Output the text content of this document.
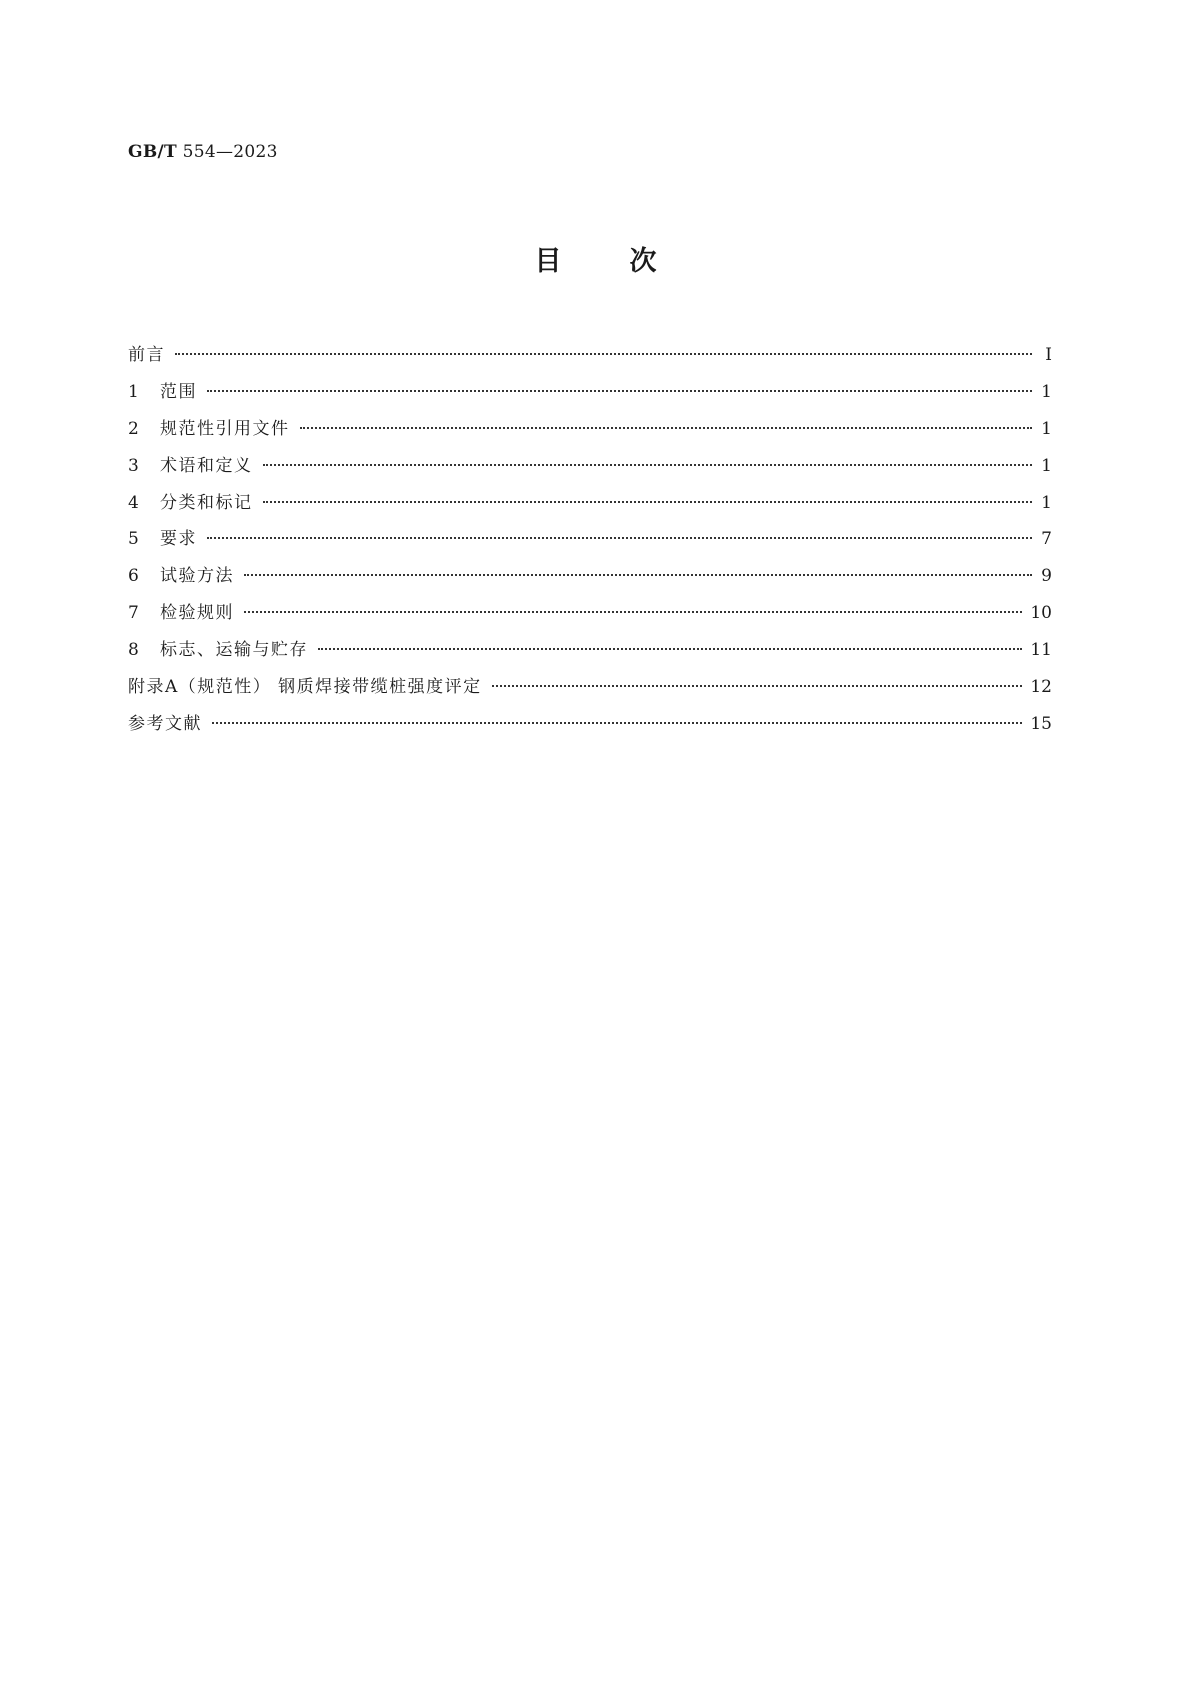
GB/T 554—2023
目次
前言	Ⅰ
1	范围	1
2	规范性引用文件	1
3	术语和定义	1
4	分类和标记	1
5	要求	7
6	试验方法	9
7	检验规则	10
8	标志、运输与贮存	11
附录A（规范性） 钢质焊接带缆桩强度评定	12
参考文献	15
